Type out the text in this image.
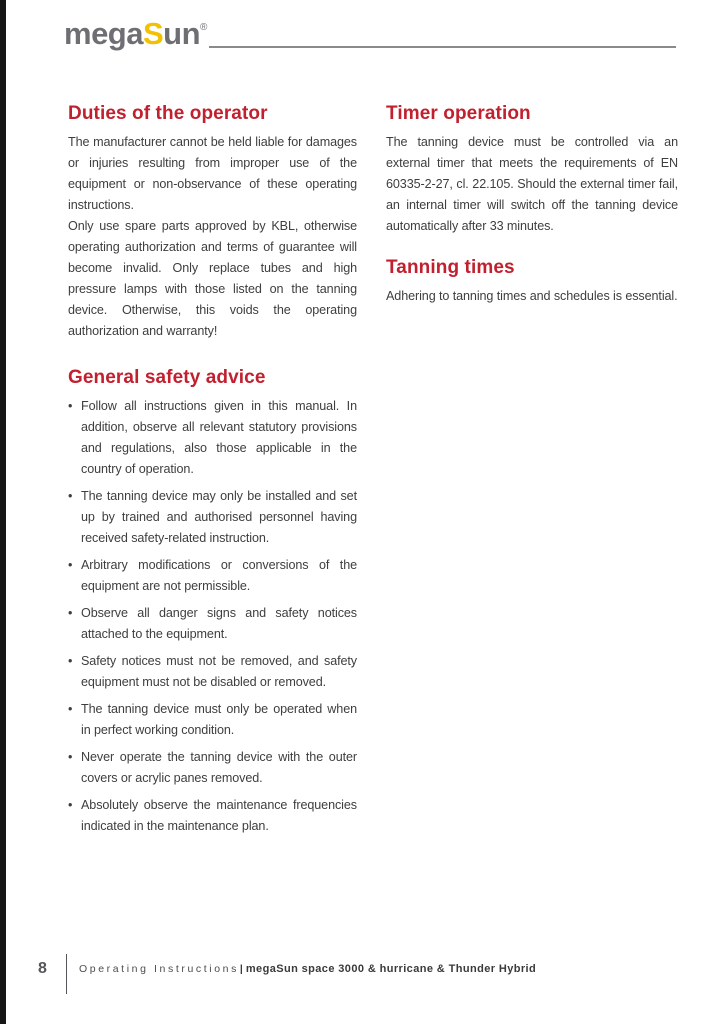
megaSun®
Duties of the operator

The manufacturer cannot be held liable for damages or injuries resulting from improper use of the equipment or non-observance of these operating instructions.

Only use spare parts approved by KBL, otherwise operating authorization and terms of guarantee will become invalid. Only replace tubes and high pressure lamps with those listed on the tanning device. Otherwise, this voids the operating authorization and warranty!

General safety advice
• Follow all instructions given in this manual. In addition, observe all relevant statutory provisions and regulations, also those applicable in the country of operation.
• The tanning device may only be installed and set up by trained and authorised personnel having received safety-related instruction.
• Arbitrary modifications or conversions of the equipment are not permissible.
• Observe all danger signs and safety notices attached to the equipment.
• Safety notices must not be removed, and safety equipment must not be disabled or removed.
• The tanning device must only be operated when in perfect working condition.
• Never operate the tanning device with the outer covers or acrylic panes removed.
• Absolutely observe the maintenance frequencies indicated in the maintenance plan.
Timer operation

The tanning device must be controlled via an external timer that meets the requirements of EN 60335-2-27, cl. 22.105. Should the external timer fail, an internal timer will switch off the tanning device automatically after 33 minutes.

Tanning times

Adhering to tanning times and schedules is essential.

8	Operating Instructions| megaSun space 3000 & hurricane & Thunder Hybrid
